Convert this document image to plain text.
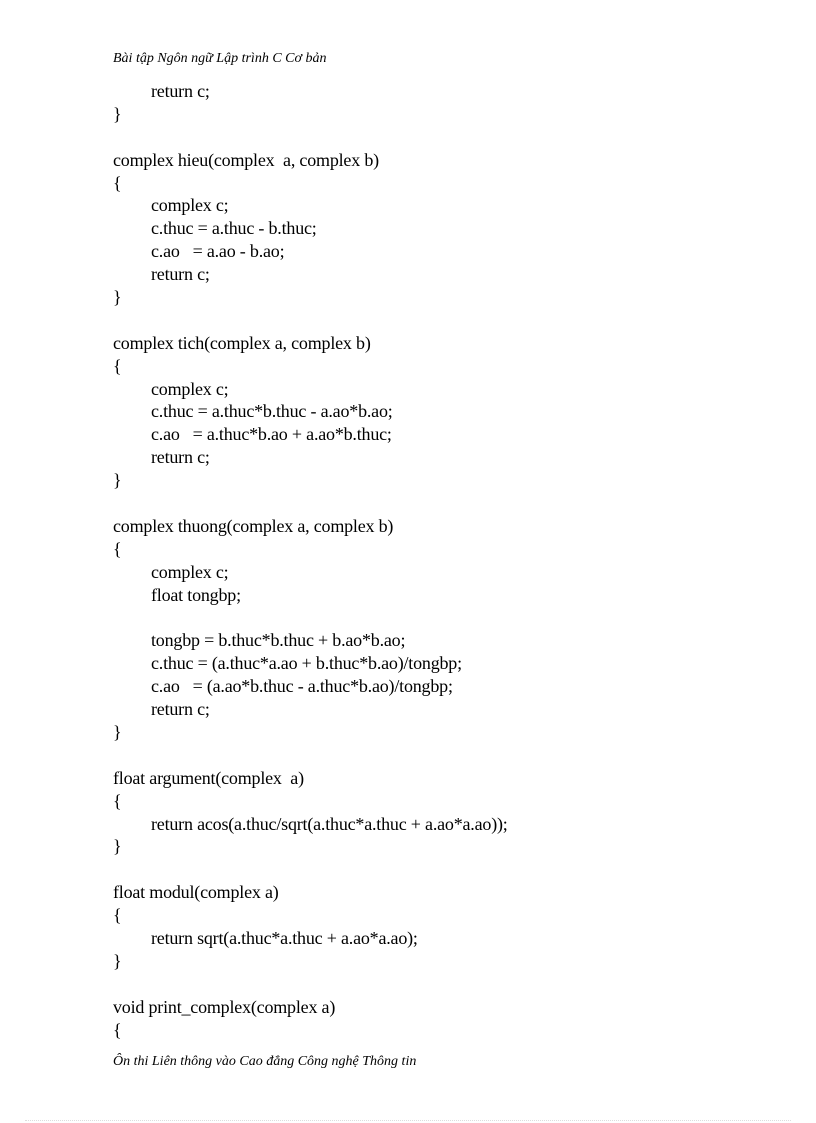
Bài tập Ngôn ngữ Lập trình C Cơ bản
return c;
}
complex hieu(complex  a, complex b)
{
complex c;
c.thuc = a.thuc - b.thuc;
c.ao   = a.ao - b.ao;
return c;
}
complex tich(complex a, complex b)
{
complex c;
c.thuc = a.thuc*b.thuc - a.ao*b.ao;
c.ao   = a.thuc*b.ao + a.ao*b.thuc;
return c;
}
complex thuong(complex a, complex b)
{
complex c;
float tongbp;
tongbp = b.thuc*b.thuc + b.ao*b.ao;
c.thuc = (a.thuc*a.ao + b.thuc*b.ao)/tongbp;
c.ao   = (a.ao*b.thuc - a.thuc*b.ao)/tongbp;
return c;
}
float argument(complex  a)
{
return acos(a.thuc/sqrt(a.thuc*a.thuc + a.ao*a.ao));
}
float modul(complex a)
{
return sqrt(a.thuc*a.thuc + a.ao*a.ao);
}
void print_complex(complex a)
{
Ôn thi Liên thông vào Cao đẳng Công nghệ Thông tin
